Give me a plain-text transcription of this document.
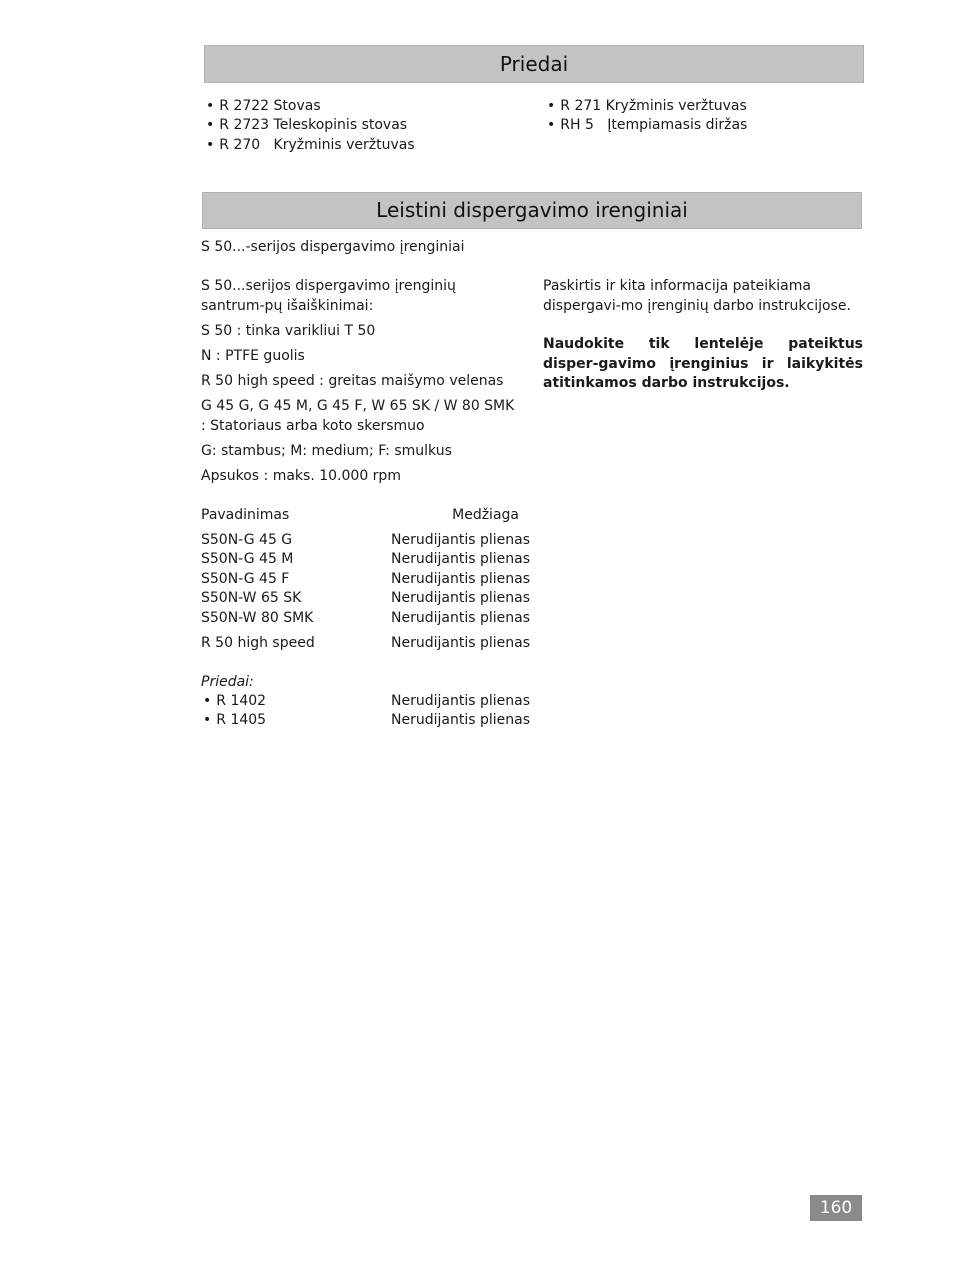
Priedai
• R 2722 Stovas
• R 2723 Teleskopinis stovas
• R 270   Kryžminis veržtuvas
• R 271 Kryžminis veržtuvas
• RH 5   Įtempiamasis diržas
Leistini dispergavimo irenginiai
S 50...-serijos dispergavimo įrenginiai
S 50...serijos dispergavimo įrenginių santrum-pų išaiškinimai:
S 50 : tinka varikliui T 50
N : PTFE guolis
R 50 high speed : greitas maišymo velenas
G 45 G, G 45 M, G 45 F, W 65 SK / W 80 SMK : Statoriaus arba koto skersmuo
G: stambus; M: medium; F: smulkus
Apsukos : maks. 10.000 rpm
Pavadinimas	Medžiaga
S50N-G 45 G	Nerudijantis plienas
S50N-G 45 M	Nerudijantis plienas
S50N-G 45 F	Nerudijantis plienas
S50N-W 65 SK	Nerudijantis plienas
S50N-W 80 SMK	Nerudijantis plienas
R 50 high speed	Nerudijantis plienas
Priedai:
• R 1402	Nerudijantis plienas
• R 1405	Nerudijantis plienas
Paskirtis ir kita informacija pateikiama dispergavi-mo įrenginių darbo instrukcijose.
Naudokite tik lentelėje pateiktus disper-gavimo įrenginius ir laikykitės atitinkamos darbo instrukcijos.
160
